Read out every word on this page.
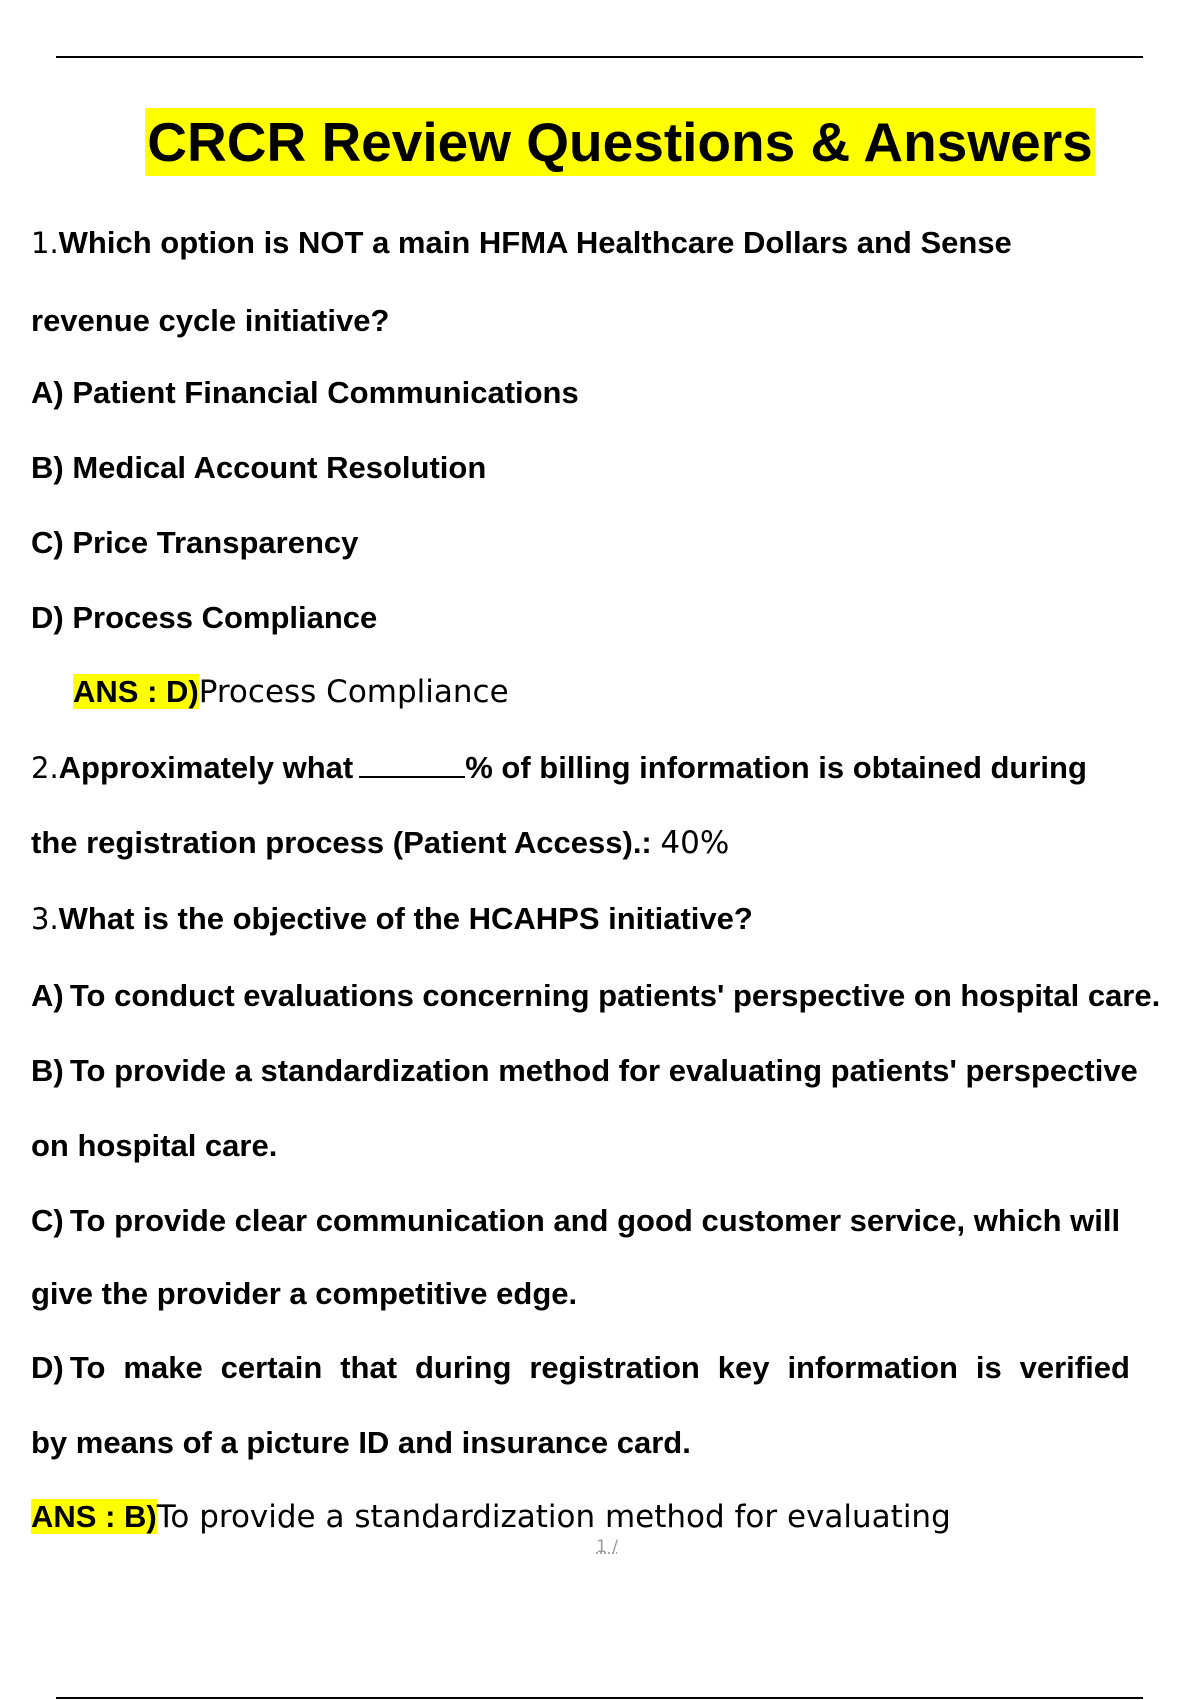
CRCR Review Questions & Answers
1.Which option is NOT a main HFMA Healthcare Dollars and Sense
revenue cycle initiative?
A) Patient Financial Communications
B) Medical Account Resolution
C) Price Transparency
D) Process Compliance
ANS : D)Process Compliance
2.Approximately what	% of billing information is obtained during
the registration process (Patient Access).: 40%
3.What is the objective of the HCAHPS initiative?
A) To conduct evaluations concerning patients' perspective on hospital care.
B) To provide a standardization method for evaluating patients' perspective
on hospital care.
C) To provide clear communication and good customer service, which will
give the provider a competitive edge.
D) To make certain that during registration key information is verified
by means of a picture ID and insurance card.
ANS : B)To provide a standardization method for evaluating
1 /
